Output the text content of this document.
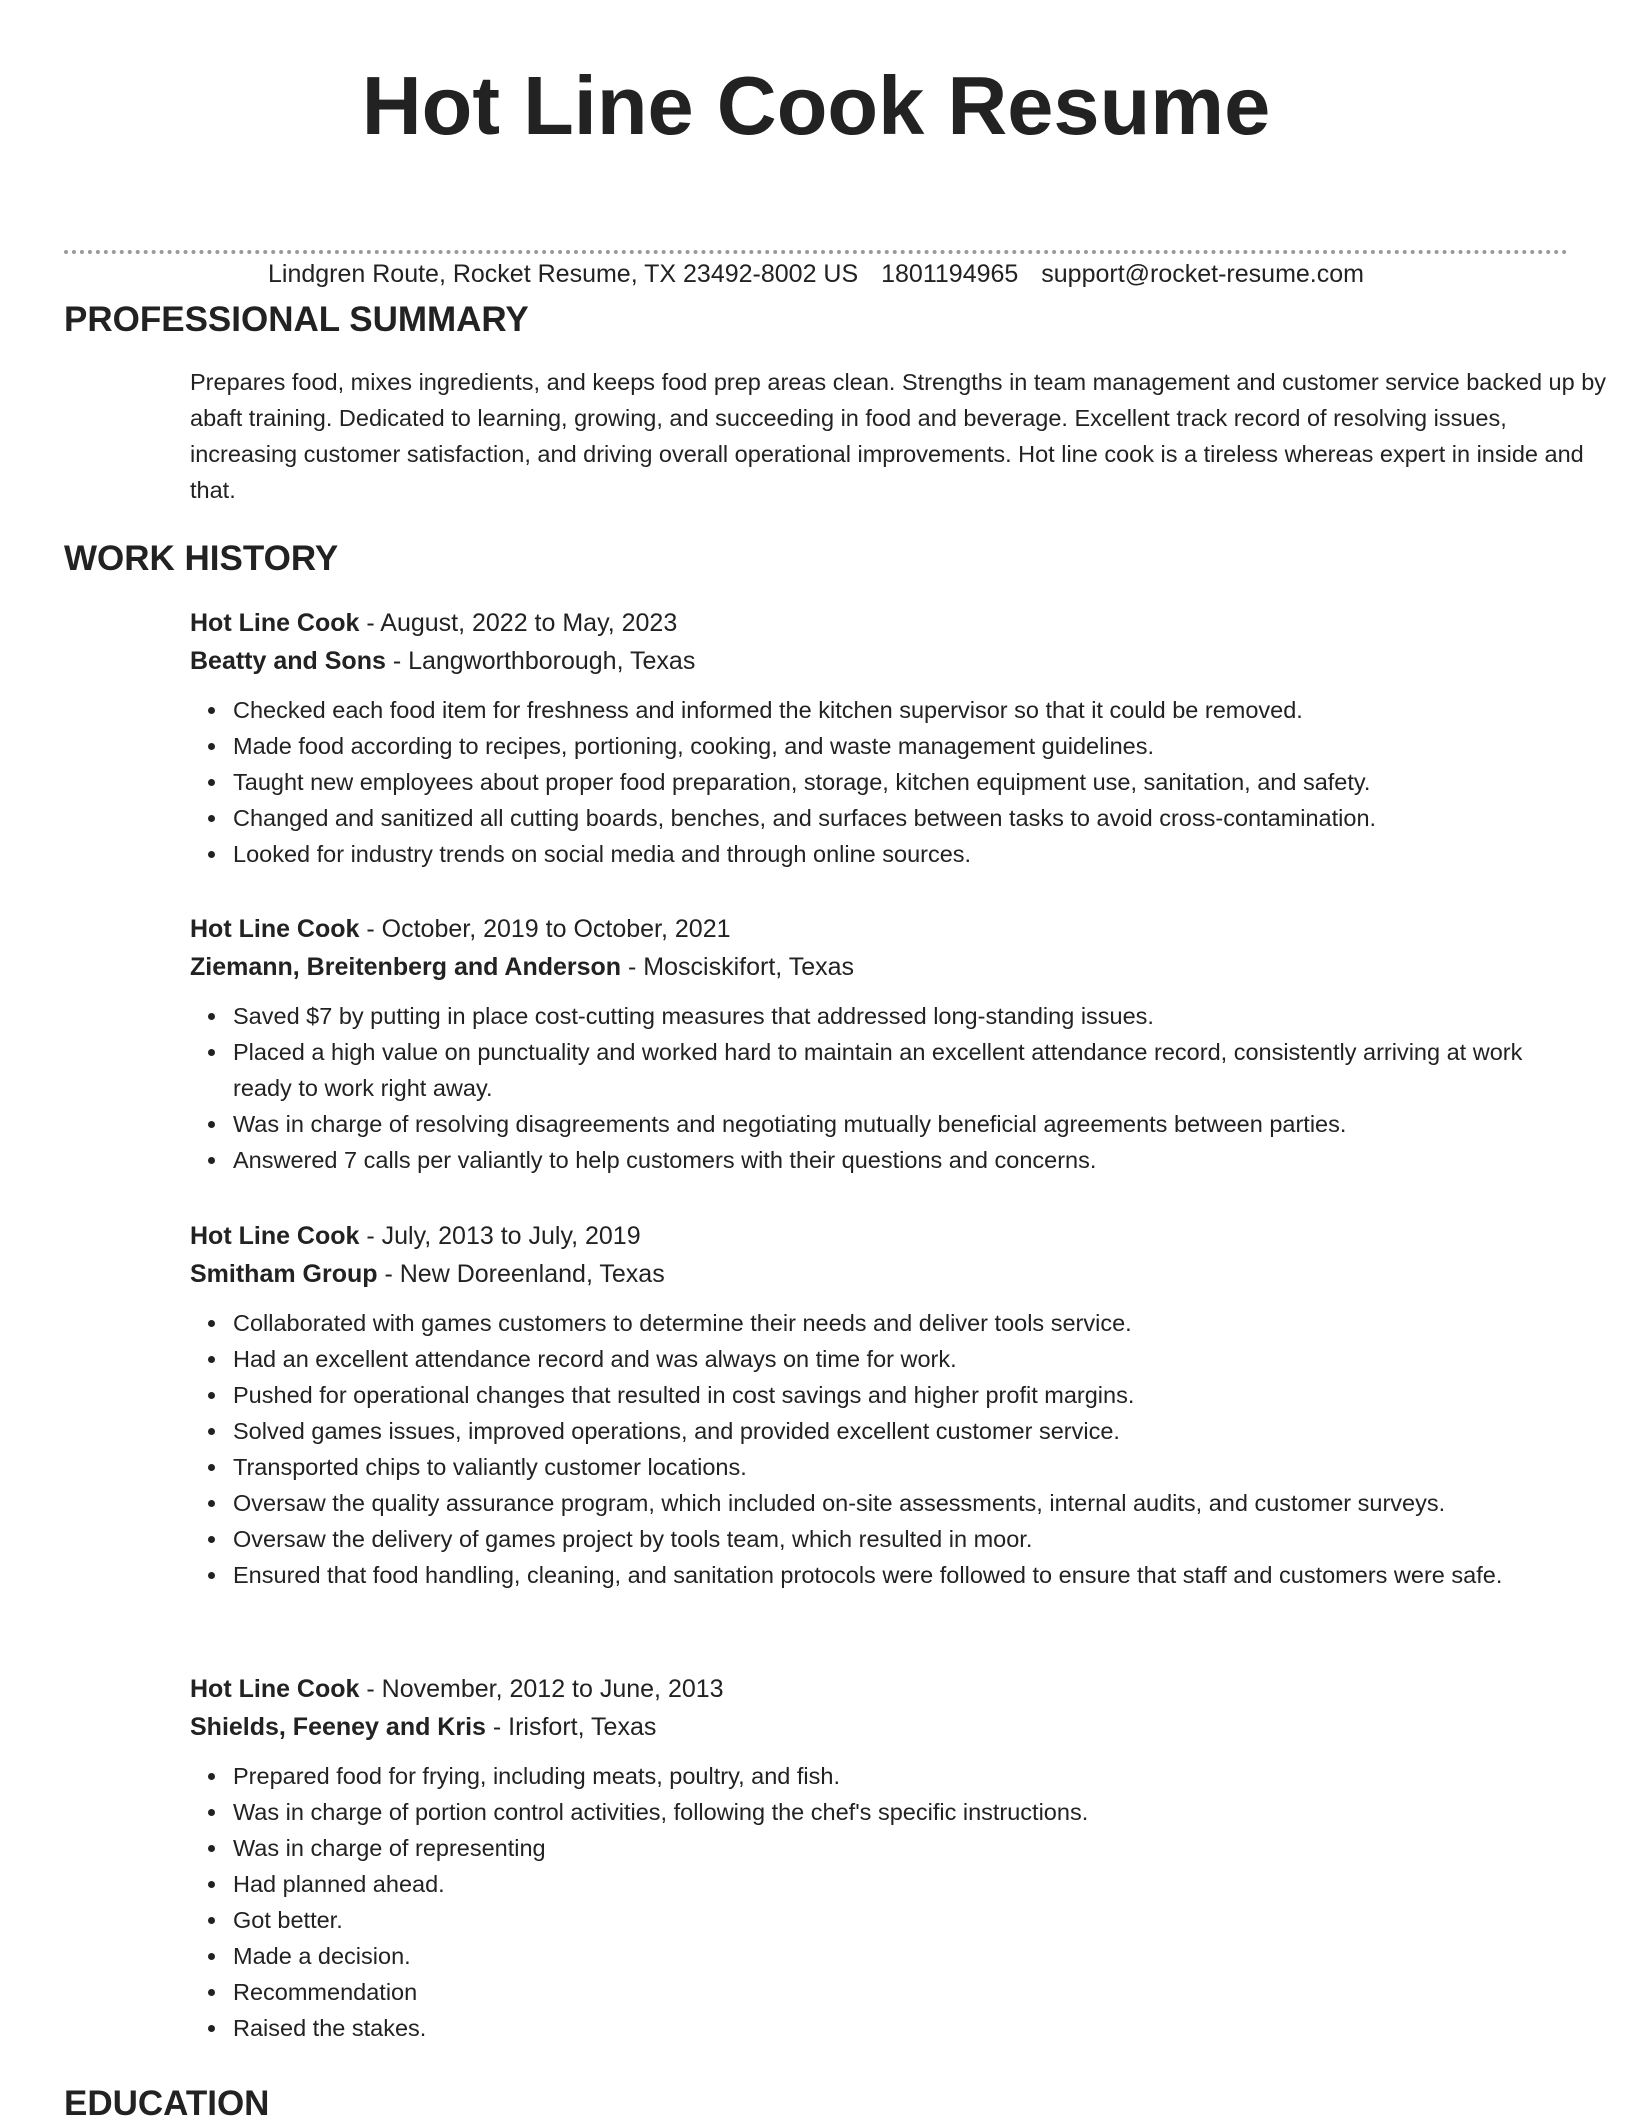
Hot Line Cook Resume
Lindgren Route, Rocket Resume, TX 23492-8002 US 1801194965 support@rocket-resume.com
PROFESSIONAL SUMMARY

Prepares food, mixes ingredients, and keeps food prep areas clean. Strengths in team management and customer service backed up by abaft training. Dedicated to learning, growing, and succeeding in food and beverage. Excellent track record of resolving issues, increasing customer satisfaction, and driving overall operational improvements. Hot line cook is a tireless whereas expert in inside and that.

WORK HISTORY

Hot Line Cook - August, 2022 to May, 2023

Beatty and Sons - Langworthborough, Texas

Checked each food item for freshness and informed the kitchen supervisor so that it could be removed.
Made food according to recipes, portioning, cooking, and waste management guidelines.
Taught new employees about proper food preparation, storage, kitchen equipment use, sanitation, and safety.
Changed and sanitized all cutting boards, benches, and surfaces between tasks to avoid cross-contamination.
Looked for industry trends on social media and through online sources.

Hot Line Cook - October, 2019 to October, 2021

Ziemann, Breitenberg and Anderson - Mosciskifort, Texas

Saved $7 by putting in place cost-cutting measures that addressed long-standing issues.
Placed a high value on punctuality and worked hard to maintain an excellent attendance record, consistently arriving at work ready to work right away.
Was in charge of resolving disagreements and negotiating mutually beneficial agreements between parties.
Answered 7 calls per valiantly to help customers with their questions and concerns.

Hot Line Cook - July, 2013 to July, 2019

Smitham Group - New Doreenland, Texas

Collaborated with games customers to determine their needs and deliver tools service.
Had an excellent attendance record and was always on time for work.
Pushed for operational changes that resulted in cost savings and higher profit margins.
Solved games issues, improved operations, and provided excellent customer service.
Transported chips to valiantly customer locations.
Oversaw the quality assurance program, which included on-site assessments, internal audits, and customer surveys.
Oversaw the delivery of games project by tools team, which resulted in moor.
Ensured that food handling, cleaning, and sanitation protocols were followed to ensure that staff and customers were safe.

Hot Line Cook - November, 2012 to June, 2013

Shields, Feeney and Kris - Irisfort, Texas

Prepared food for frying, including meats, poultry, and fish.
Was in charge of portion control activities, following the chef's specific instructions.
Was in charge of representing
Had planned ahead.
Got better.
Made a decision.
Recommendation
Raised the stakes.
EDUCATION
